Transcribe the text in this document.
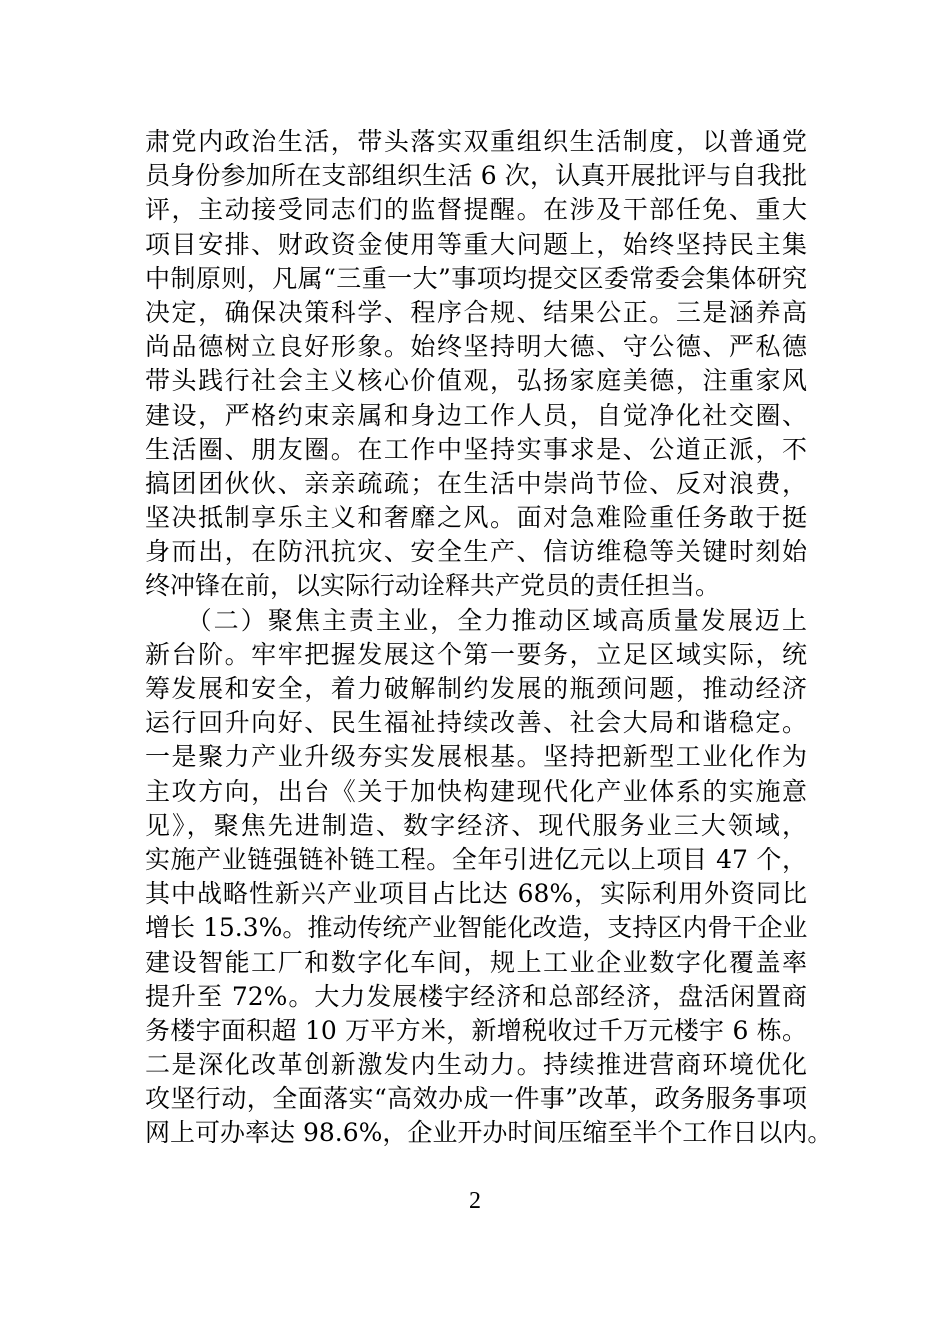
肃党内政治生活，带头落实双重组织生活制度，以普通党
员身份参加所在支部组织生活 6 次，认真开展批评与自我批
评，主动接受同志们的监督提醒。在涉及干部任免、重大
项目安排、财政资金使用等重大问题上，始终坚持民主集
中制原则，凡属“三重一大”事项均提交区委常委会集体研究
决定，确保决策科学、程序合规、结果公正。三是涵养高
尚品德树立良好形象。始终坚持明大德、守公德、严私德
带头践行社会主义核心价值观，弘扬家庭美德，注重家风
建设，严格约束亲属和身边工作人员，自觉净化社交圈、
生活圈、朋友圈。在工作中坚持实事求是、公道正派，不
搞团团伙伙、亲亲疏疏；在生活中崇尚节俭、反对浪费，
坚决抵制享乐主义和奢靡之风。面对急难险重任务敢于挺
身而出，在防汛抗灾、安全生产、信访维稳等关键时刻始
终冲锋在前，以实际行动诠释共产党员的责任担当。
　　（二）聚焦主责主业，全力推动区域高质量发展迈上
新台阶。牢牢把握发展这个第一要务，立足区域实际，统
筹发展和安全，着力破解制约发展的瓶颈问题，推动经济
运行回升向好、民生福祉持续改善、社会大局和谐稳定。
一是聚力产业升级夯实发展根基。坚持把新型工业化作为
主攻方向，出台《关于加快构建现代化产业体系的实施意
见》，聚焦先进制造、数字经济、现代服务业三大领域，
实施产业链强链补链工程。全年引进亿元以上项目 47 个，
其中战略性新兴产业项目占比达 68%，实际利用外资同比
增长 15.3%。推动传统产业智能化改造，支持区内骨干企业
建设智能工厂和数字化车间，规上工业企业数字化覆盖率
提升至 72%。大力发展楼宇经济和总部经济，盘活闲置商
务楼宇面积超 10 万平方米，新增税收过千万元楼宇 6 栋。
二是深化改革创新激发内生动力。持续推进营商环境优化
攻坚行动，全面落实“高效办成一件事”改革，政务服务事项
网上可办率达 98.6%，企业开办时间压缩至半个工作日以内。
2
